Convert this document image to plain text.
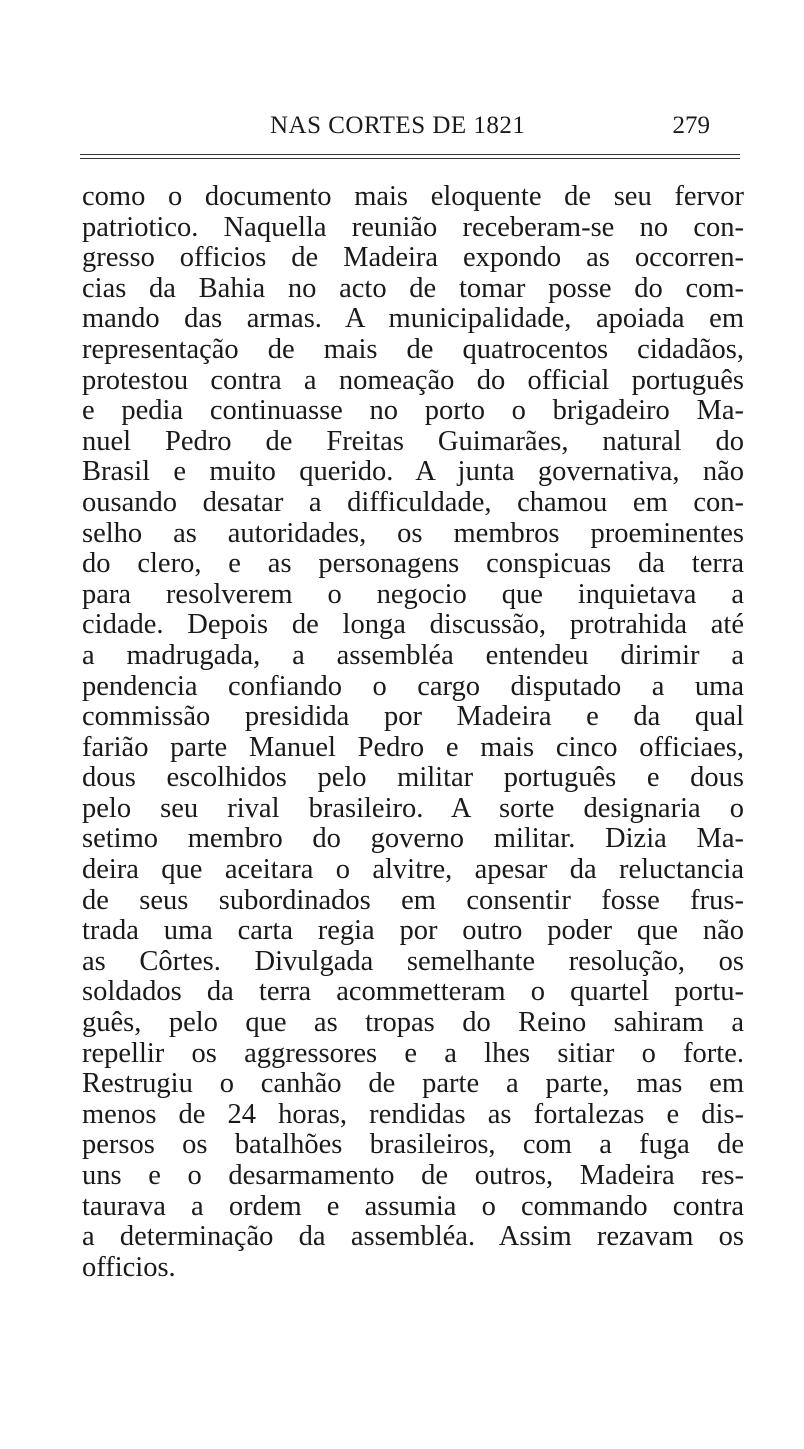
NAS CORTES DE 1821	279

como o documento mais eloquente de seu fervor
patriotico. Naquella reunião receberam-se no con-
gresso officios de Madeira expondo as occorren-
cias da Bahia no acto de tomar posse do com-
mando das armas. A municipalidade, apoiada em
representação de mais de quatrocentos cidadãos,
protestou contra a nomeação do official português
e pedia continuasse no porto o brigadeiro Ma-
nuel Pedro de Freitas Guimarães, natural do
Brasil e muito querido. A junta governativa, não
ousando desatar a difficuldade, chamou em con-
selho as autoridades, os membros proeminentes
do clero, e as personagens conspicuas da terra
para resolverem o negocio que inquietava a
cidade. Depois de longa discussão, protrahida até
a madrugada, a assembléa entendeu dirimir a
pendencia confiando o cargo disputado a uma
commissão presidida por Madeira e da qual
farião parte Manuel Pedro e mais cinco officiaes,
dous escolhidos pelo militar português e dous
pelo seu rival brasileiro. A sorte designaria o
setimo membro do governo militar. Dizia Ma-
deira que aceitara o alvitre, apesar da reluctancia
de seus subordinados em consentir fosse frus-
trada uma carta regia por outro poder que não
as Côrtes. Divulgada semelhante resolução, os
soldados da terra acommetteram o quartel portu-
guês, pelo que as tropas do Reino sahiram a
repellir os aggressores e a lhes sitiar o forte.
Restrugiu o canhão de parte a parte, mas em
menos de 24 horas, rendidas as fortalezas e dis-
persos os batalhões brasileiros, com a fuga de
uns e o desarmamento de outros, Madeira res-
taurava a ordem e assumia o commando contra
a determinação da assembléa. Assim rezavam os
officios.
